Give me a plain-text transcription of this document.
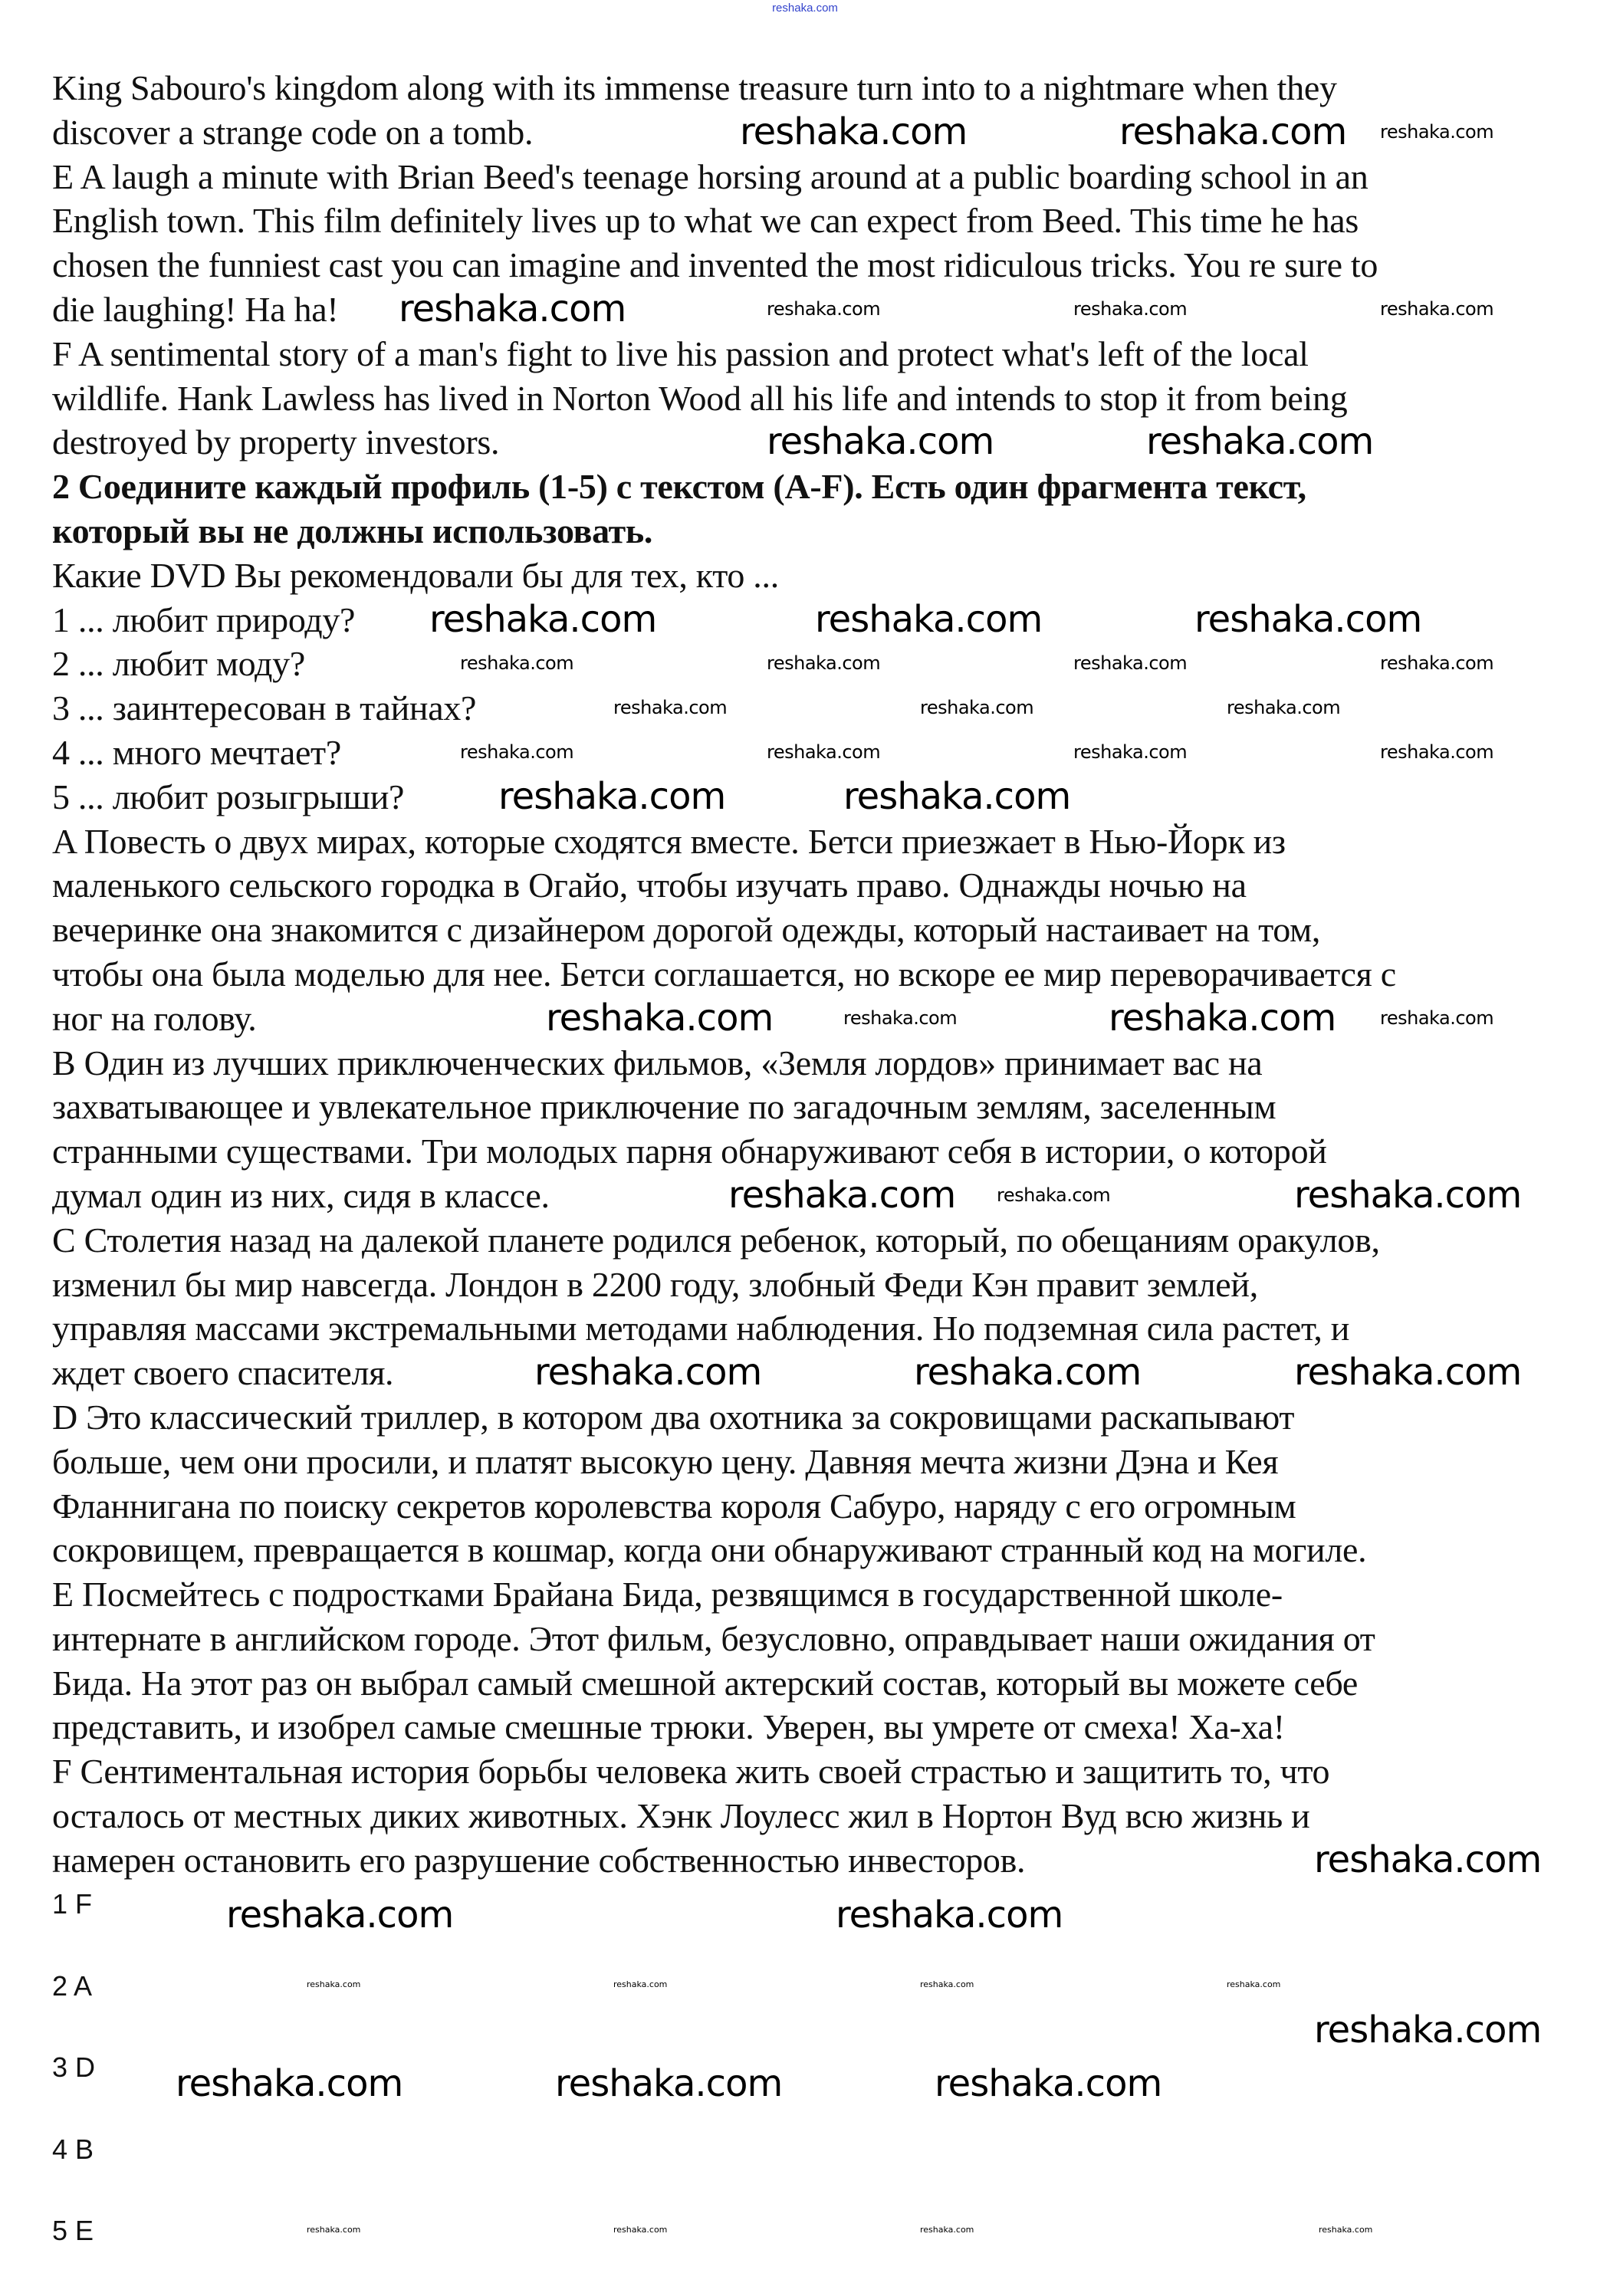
reshaka.com
King Sabouro's kingdom along with its immense treasure turn into to a nightmare when they
discover a strange code on a tomb.
E A laugh a minute with Brian Beed's teenage horsing around at a public boarding school in an
English town. This film definitely lives up to what we can expect from Beed. This time he has
chosen the funniest cast you can imagine and invented the most ridiculous tricks. You re sure to
die laughing! Ha ha!
F A sentimental story of a man's fight to live his passion and protect what's left of the local
wildlife. Hank Lawless has lived in Norton Wood all his life and intends to stop it from being
destroyed by property investors.
2 Соедините каждый профиль (1-5) с текстом (A-F). Есть один фрагмента текст,
который вы не должны использовать.
Какие DVD Вы рекомендовали бы для тех, кто ...
1 ... любит природу?
2 ... любит моду?
3 ... заинтересован в тайнах?
4 ... много мечтает?
5 ... любит розыгрыши?
A Повесть о двух мирах, которые сходятся вместе. Бетси приезжает в Нью-Йорк из
маленького сельского городка в Огайо, чтобы изучать право. Однажды ночью на
вечеринке она знакомится с дизайнером дорогой одежды, который настаивает на том,
чтобы она была моделью для нее. Бетси соглашается, но вскоре ее мир переворачивается с
ног на голову.
B Один из лучших приключенческих фильмов, «Земля лордов» принимает вас на
захватывающее и увлекательное приключение по загадочным землям, заселенным
странными существами. Три молодых парня обнаруживают себя в истории, о которой
думал один из них, сидя в классе.
C Столетия назад на далекой планете родился ребенок, который, по обещаниям оракулов,
изменил бы мир навсегда. Лондон в 2200 году, злобный Феди Кэн правит землей,
управляя массами экстремальными методами наблюдения. Но подземная сила растет, и
ждет своего спасителя.
D Это классический триллер, в котором два охотника за сокровищами раскапывают
больше, чем они просили, и платят высокую цену. Давняя мечта жизни Дэна и Кея
Фланнигана по поиску секретов королевства короля Сабуро, наряду с его огромным
сокровищем, превращается в кошмар, когда они обнаруживают странный код на могиле.
E Посмейтесь с подростками Брайана Бида, резвящимся в государственной школе-
интернате в английском городе. Этот фильм, безусловно, оправдывает наши ожидания от
Бида. На этот раз он выбрал самый смешной актерский состав, который вы можете себе
представить, и изобрел самые смешные трюки. Уверен, вы умрете от смеха! Ха-ха!
F Сентиментальная история борьбы человека жить своей страстью и защитить то, что
осталось от местных диких животных. Хэнк Лоулесс жил в Нортон Вуд всю жизнь и
намерен остановить его разрушение собственностью инвесторов.
1 F
2 A
3 D
4 B
5 E
reshaka.com	reshaka.com
reshaka.com
reshaka.com	reshaka.com
reshaka.com	reshaka.com	reshaka.com
reshaka.com	reshaka.com
reshaka.com	reshaka.com
reshaka.com	reshaka.com
reshaka.com	reshaka.com	reshaka.com
reshaka.com
reshaka.com	reshaka.com
reshaka.com
reshaka.com	reshaka.com	reshaka.com
reshaka.com
reshaka.com	reshaka.com	reshaka.com
reshaka.com	reshaka.com	reshaka.com	reshaka.com
reshaka.com	reshaka.com	reshaka.com
reshaka.com	reshaka.com	reshaka.com	reshaka.com
reshaka.com	reshaka.com
reshaka.com
reshaka.com	reshaka.com	reshaka.com	reshaka.com
reshaka.com	reshaka.com	reshaka.com	reshaka.com
